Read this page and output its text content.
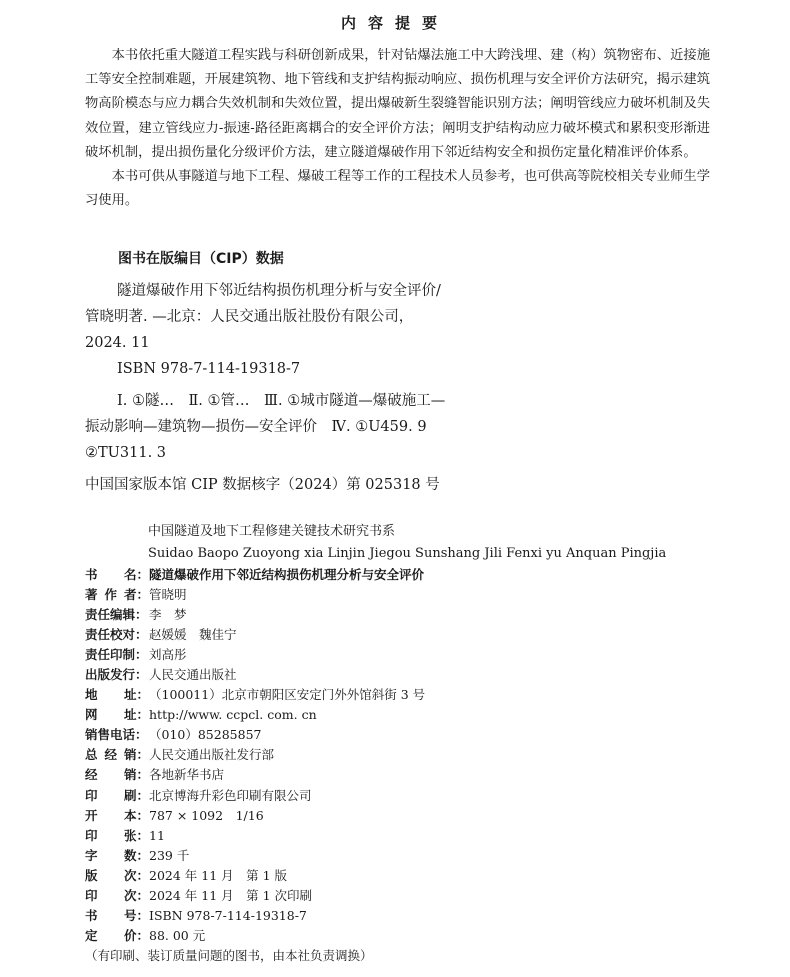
内容提要

本书依托重大隧道工程实践与科研创新成果，针对钻爆法施工中大跨浅埋、建（构）筑物密布、近接施工等安全控制难题，开展建筑物、地下管线和支护结构振动响应、损伤机理与安全评价方法研究，揭示建筑物高阶模态与应力耦合失效机制和失效位置，提出爆破新生裂缝智能识别方法；阐明管线应力破坏机制及失效位置，建立管线应力-振速-路径距离耦合的安全评价方法；阐明支护结构动应力破坏模式和累积变形渐进破坏机制，提出损伤量化分级评价方法，建立隧道爆破作用下邻近结构安全和损伤定量化精准评价体系。

本书可供从事隧道与地下工程、爆破工程等工作的工程技术人员参考，也可供高等院校相关专业师生学习使用。

图书在版编目（CIP）数据
隧道爆破作用下邻近结构损伤机理分析与安全评价/
管晓明著. —北京：人民交通出版社股份有限公司，
2024. 11
ISBN 978-7-114-19318-7
Ⅰ. ①隧…　Ⅱ. ①管…　Ⅲ. ①城市隧道—爆破施工—
振动影响—建筑物—损伤—安全评价　Ⅳ. ①U459. 9
②TU311. 3
中国国家版本馆 CIP 数据核字（2024）第 025318 号
中国隧道及地下工程修建关键技术研究书系
Suidao Baopo Zuoyong xia Linjin Jiegou Sunshang Jili Fenxi yu Anquan Pingjia
书 名： 隧道爆破作用下邻近结构损伤机理分析与安全评价
著 作 者： 管晓明
责任编辑： 李　梦
责任校对： 赵媛媛　魏佳宁
责任印制： 刘高彤
出版发行： 人民交通出版社
地 址： （100011）北京市朝阳区安定门外外馆斜街 3 号
网 址： http://www. ccpcl. com. cn
销售电话： （010）85285857
总 经 销： 人民交通出版社发行部
经 销： 各地新华书店
印 刷： 北京博海升彩色印刷有限公司
开 本： 787 × 1092　1/16
印 张： 11
字 数： 239 千
版 次： 2024 年 11 月　第 1 版
印 次： 2024 年 11 月　第 1 次印刷
书 号： ISBN 978-7-114-19318-7
定 价： 88. 00 元
（有印刷、装订质量问题的图书，由本社负责调换）
